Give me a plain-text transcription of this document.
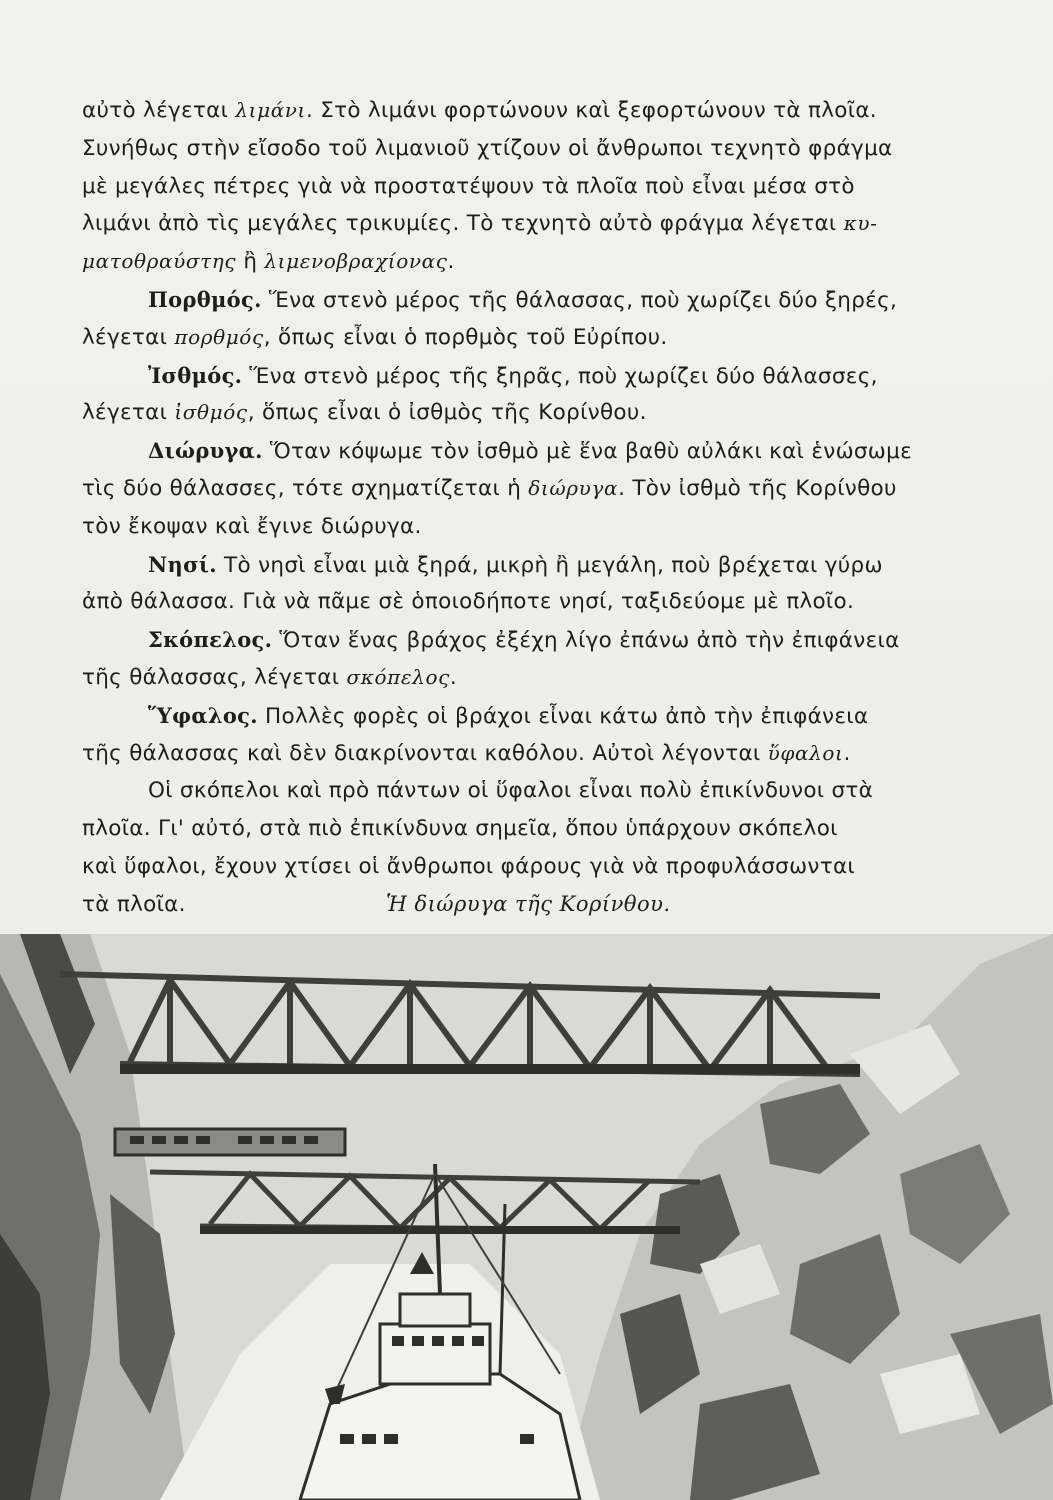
αὐτὸ λέγεται λιμάνι. Στὸ λιμάνι φορτώνουν καὶ ξεφορτώνουν τὰ πλοῖα.
Συνήθως στὴν εἴσοδο τοῦ λιμανιοῦ χτίζουν οἱ ἄνθρωποι τεχνητὸ φράγμα
μὲ μεγάλες πέτρες γιὰ νὰ προστατέψουν τὰ πλοῖα ποὺ εἶναι μέσα στὸ
λιμάνι ἀπὸ τὶς μεγάλες τρικυμίες. Τὸ τεχνητὸ αὐτὸ φράγμα λέγεται κυ-
ματοθραύστης ἢ λιμενοβραχίονας.
Πορθμός. Ἕνα στενὸ μέρος τῆς θάλασσας, ποὺ χωρίζει δύο ξηρές,
λέγεται πορθμός, ὅπως εἶναι ὁ πορθμὸς τοῦ Εὐρίπου.
Ἰσθμός. Ἕνα στενὸ μέρος τῆς ξηρᾶς, ποὺ χωρίζει δύο θάλασσες,
λέγεται ἰσθμός, ὅπως εἶναι ὁ ἰσθμὸς τῆς Κορίνθου.
Διώρυγα. Ὅταν κόψωμε τὸν ἰσθμὸ μὲ ἕνα βαθὺ αὐλάκι καὶ ἑνώσωμε
τὶς δύο θάλασσες, τότε σχηματίζεται ἡ διώρυγα. Τὸν ἰσθμὸ τῆς Κορίνθου
τὸν ἔκοψαν καὶ ἔγινε διώρυγα.
Νησί. Τὸ νησὶ εἶναι μιὰ ξηρά, μικρὴ ἢ μεγάλη, ποὺ βρέχεται γύρω
ἀπὸ θάλασσα. Γιὰ νὰ πᾶμε σὲ ὁποιοδήποτε νησί, ταξιδεύομε μὲ πλοῖο.
Σκόπελος. Ὅταν ἕνας βράχος ἐξέχη λίγο ἐπάνω ἀπὸ τὴν ἐπιφάνεια
τῆς θάλασσας, λέγεται σκόπελος.
Ὕφαλος. Πολλὲς φορὲς οἱ βράχοι εἶναι κάτω ἀπὸ τὴν ἐπιφάνεια
τῆς θάλασσας καὶ δὲν διακρίνονται καθόλου. Αὐτοὶ λέγονται ὕφαλοι.
Οἱ σκόπελοι καὶ πρὸ πάντων οἱ ὕφαλοι εἶναι πολὺ ἐπικίνδυνοι στὰ
πλοῖα. Γι' αὐτό, στὰ πιὸ ἐπικίνδυνα σημεῖα, ὅπου ὑπάρχουν σκόπελοι
καὶ ὕφαλοι, ἔχουν χτίσει οἱ ἄνθρωποι φάρους γιὰ νὰ προφυλάσσωνται
τὰ πλοῖα.	Ἡ διώρυγα τῆς Κορίνθου.
